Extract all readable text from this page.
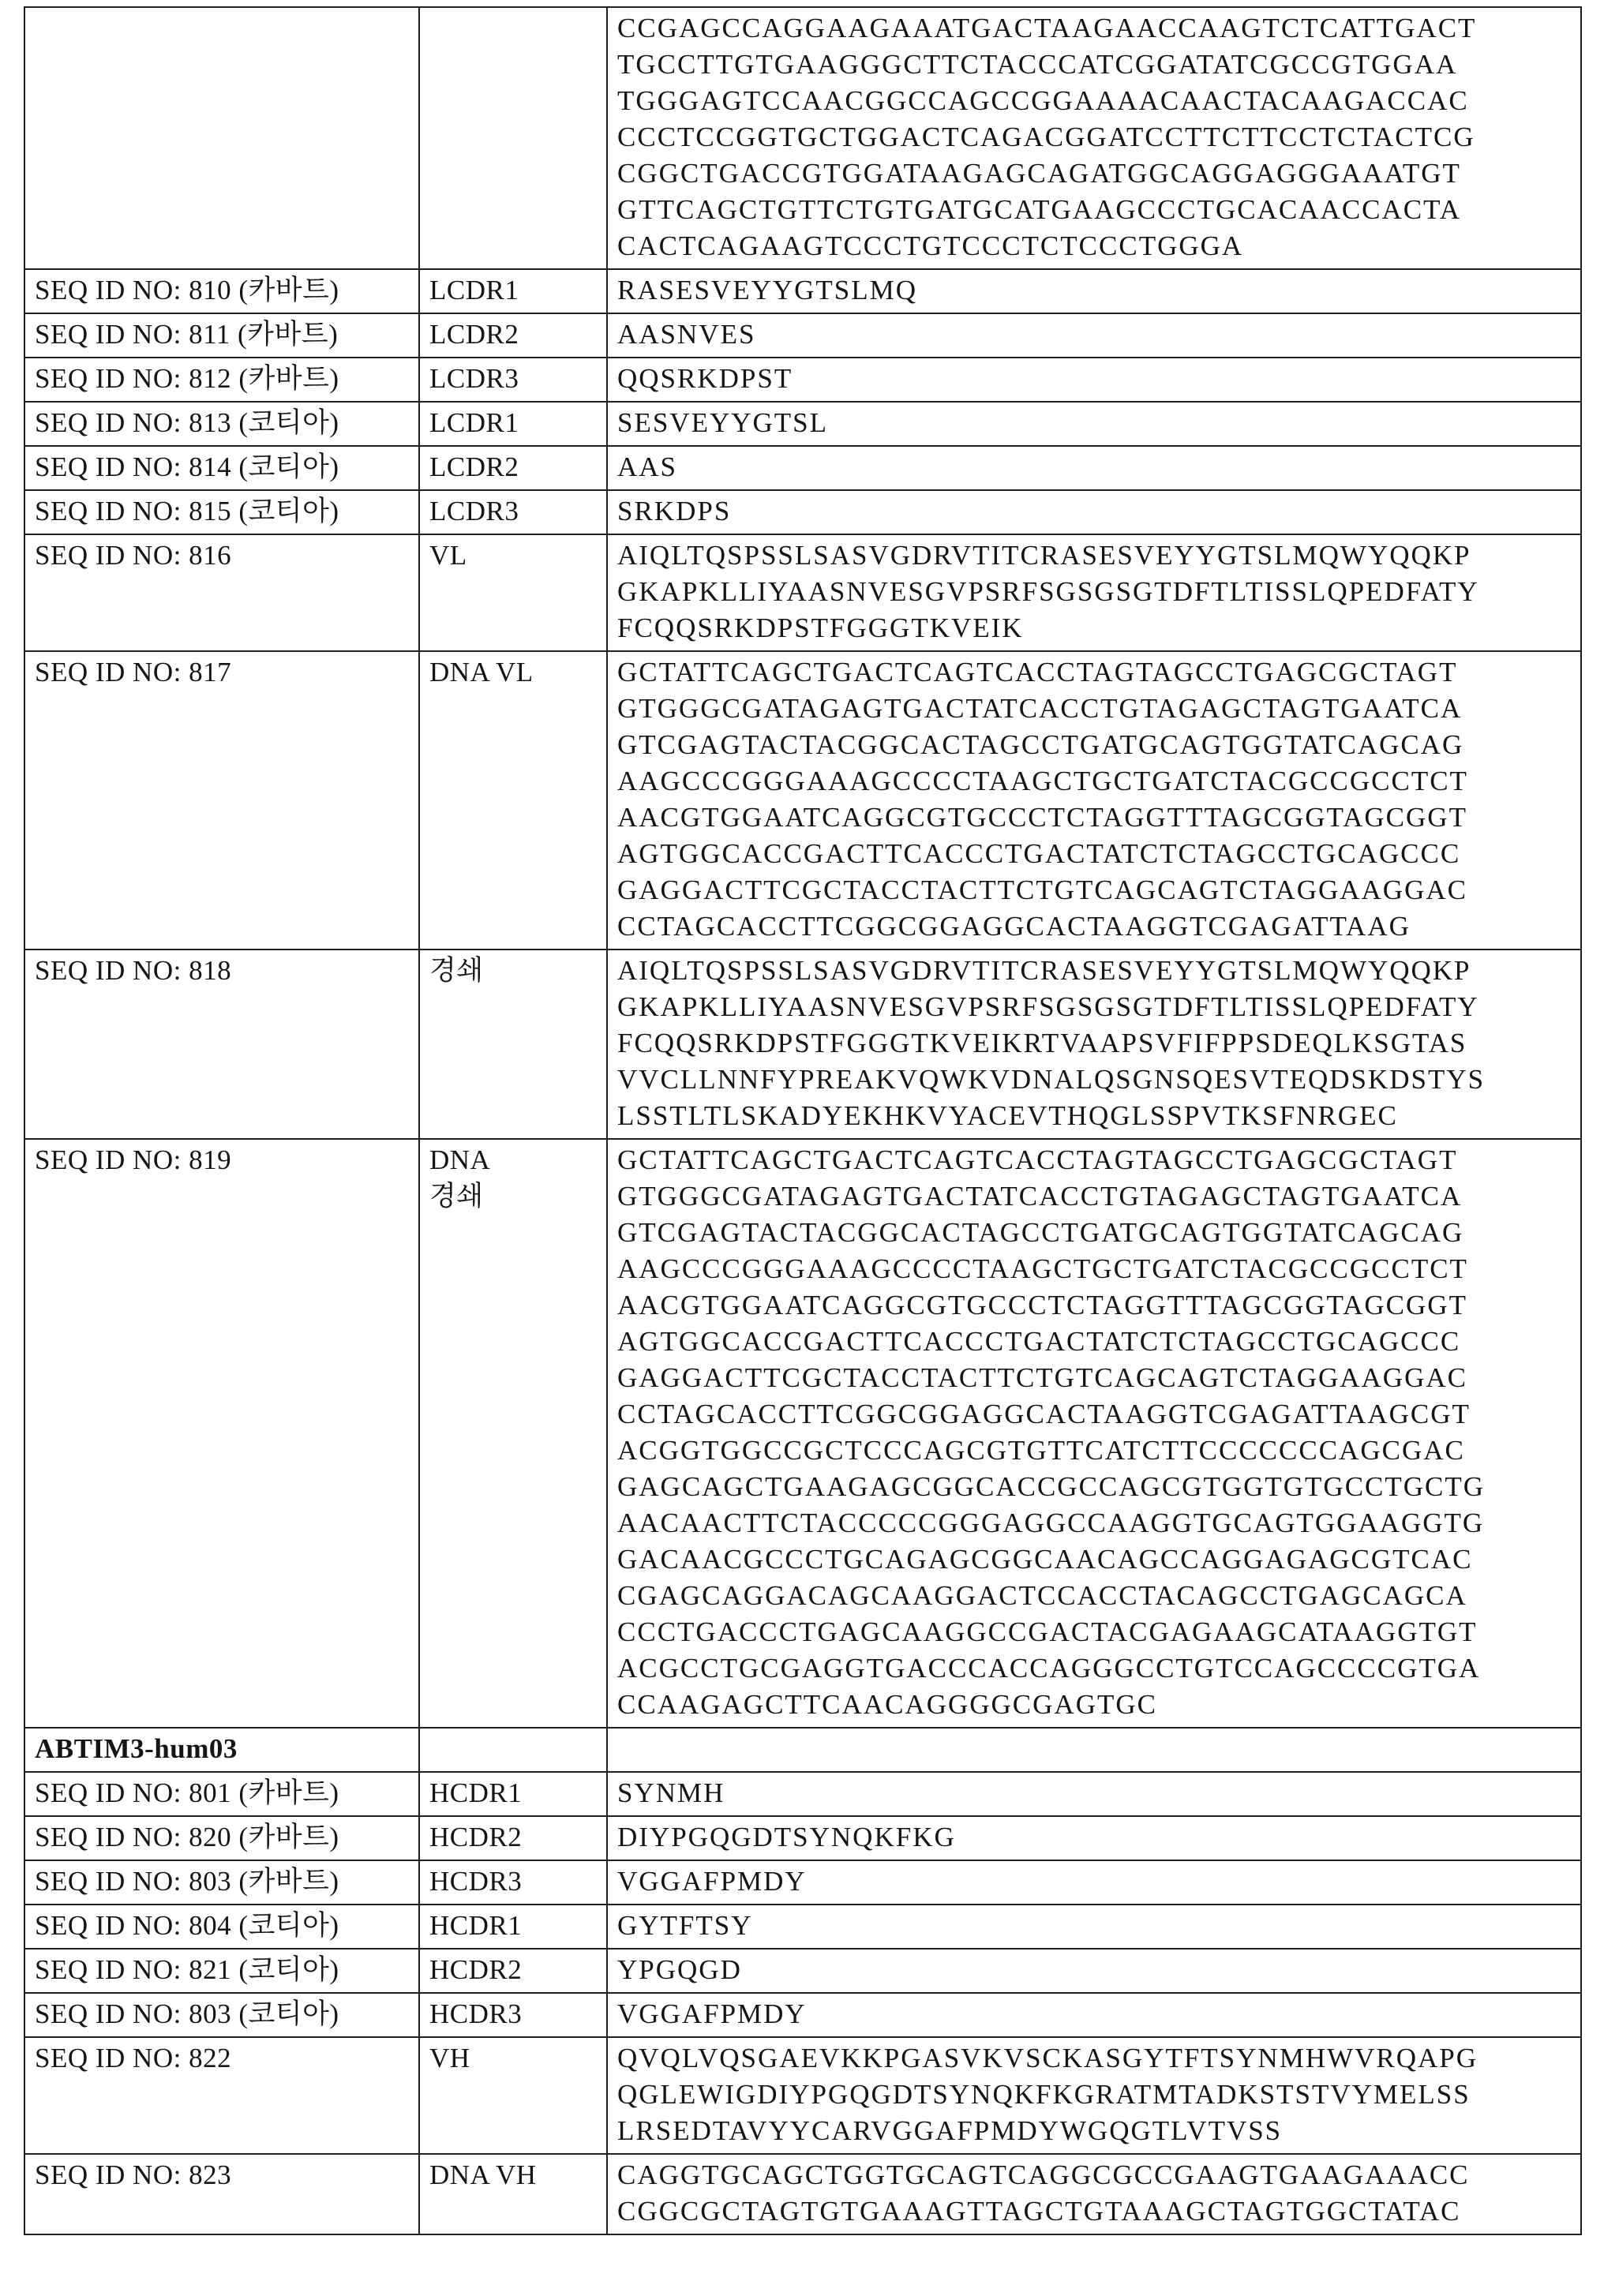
		CCGAGCCAGGAAGAAATGACTAAGAACCAAGTCTCATTGACT
TGCCTTGTGAAGGGCTTCTACCCATCGGATATCGCCGTGGAA
TGGGAGTCCAACGGCCAGCCGGAAAACAACTACAAGACCAC
CCCTCCGGTGCTGGACTCAGACGGATCCTTCTTCCTCTACTCG
CGGCTGACCGTGGATAAGAGCAGATGGCAGGAGGGAAATGT
GTTCAGCTGTTCTGTGATGCATGAAGCCCTGCACAACCACTA
CACTCAGAAGTCCCTGTCCCTCTCCCTGGGA
SEQ ID NO: 810 (카바트)	LCDR1	RASESVEYYGTSLMQ
SEQ ID NO: 811 (카바트)	LCDR2	AASNVES
SEQ ID NO: 812 (카바트)	LCDR3	QQSRKDPST
SEQ ID NO: 813 (코티아)	LCDR1	SESVEYYGTSL
SEQ ID NO: 814 (코티아)	LCDR2	AAS
SEQ ID NO: 815 (코티아)	LCDR3	SRKDPS
SEQ ID NO: 816	VL	AIQLTQSPSSLSASVGDRVTITCRASESVEYYGTSLMQWYQQKP
GKAPKLLIYAASNVESGVPSRFSGSGSGTDFTLTISSLQPEDFATY
FCQQSRKDPSTFGGGTKVEIK
SEQ ID NO: 817	DNA VL	GCTATTCAGCTGACTCAGTCACCTAGTAGCCTGAGCGCTAGT
GTGGGCGATAGAGTGACTATCACCTGTAGAGCTAGTGAATCA
GTCGAGTACTACGGCACTAGCCTGATGCAGTGGTATCAGCAG
AAGCCCGGGAAAGCCCCTAAGCTGCTGATCTACGCCGCCTCT
AACGTGGAATCAGGCGTGCCCTCTAGGTTTAGCGGTAGCGGT
AGTGGCACCGACTTCACCCTGACTATCTCTAGCCTGCAGCCC
GAGGACTTCGCTACCTACTTCTGTCAGCAGTCTAGGAAGGAC
CCTAGCACCTTCGGCGGAGGCACTAAGGTCGAGATTAAG
SEQ ID NO: 818	경쇄	AIQLTQSPSSLSASVGDRVTITCRASESVEYYGTSLMQWYQQKP
GKAPKLLIYAASNVESGVPSRFSGSGSGTDFTLTISSLQPEDFATY
FCQQSRKDPSTFGGGTKVEIKRTVAAPSVFIFPPSDEQLKSGTAS
VVCLLNNFYPREAKVQWKVDNALQSGNSQESVTEQDSKDSTYS
LSSTLTLSKADYEKHKVYACEVTHQGLSSPVTKSFNRGEC
SEQ ID NO: 819	DNA
경쇄	GCTATTCAGCTGACTCAGTCACCTAGTAGCCTGAGCGCTAGT
GTGGGCGATAGAGTGACTATCACCTGTAGAGCTAGTGAATCA
GTCGAGTACTACGGCACTAGCCTGATGCAGTGGTATCAGCAG
AAGCCCGGGAAAGCCCCTAAGCTGCTGATCTACGCCGCCTCT
AACGTGGAATCAGGCGTGCCCTCTAGGTTTAGCGGTAGCGGT
AGTGGCACCGACTTCACCCTGACTATCTCTAGCCTGCAGCCC
GAGGACTTCGCTACCTACTTCTGTCAGCAGTCTAGGAAGGAC
CCTAGCACCTTCGGCGGAGGCACTAAGGTCGAGATTAAGCGT
ACGGTGGCCGCTCCCAGCGTGTTCATCTTCCCCCCCAGCGAC
GAGCAGCTGAAGAGCGGCACCGCCAGCGTGGTGTGCCTGCTG
AACAACTTCTACCCCCGGGAGGCCAAGGTGCAGTGGAAGGTG
GACAACGCCCTGCAGAGCGGCAACAGCCAGGAGAGCGTCAC
CGAGCAGGACAGCAAGGACTCCACCTACAGCCTGAGCAGCA
CCCTGACCCTGAGCAAGGCCGACTACGAGAAGCATAAGGTGT
ACGCCTGCGAGGTGACCCACCAGGGCCTGTCCAGCCCCGTGA
CCAAGAGCTTCAACAGGGGCGAGTGC
ABTIM3-hum03		
SEQ ID NO: 801 (카바트)	HCDR1	SYNMH
SEQ ID NO: 820 (카바트)	HCDR2	DIYPGQGDTSYNQKFKG
SEQ ID NO: 803 (카바트)	HCDR3	VGGAFPMDY
SEQ ID NO: 804 (코티아)	HCDR1	GYTFTSY
SEQ ID NO: 821 (코티아)	HCDR2	YPGQGD
SEQ ID NO: 803 (코티아)	HCDR3	VGGAFPMDY
SEQ ID NO: 822	VH	QVQLVQSGAEVKKPGASVKVSCKASGYTFTSYNMHWVRQAPG
QGLEWIGDIYPGQGDTSYNQKFKGRATMTADKSTSTVYMELSS
LRSEDTAVYYCARVGGAFPMDYWGQGTLVTVSS
SEQ ID NO: 823	DNA VH	CAGGTGCAGCTGGTGCAGTCAGGCGCCGAAGTGAAGAAACC
CGGCGCTAGTGTGAAAGTTAGCTGTAAAGCTAGTGGCTATAC
